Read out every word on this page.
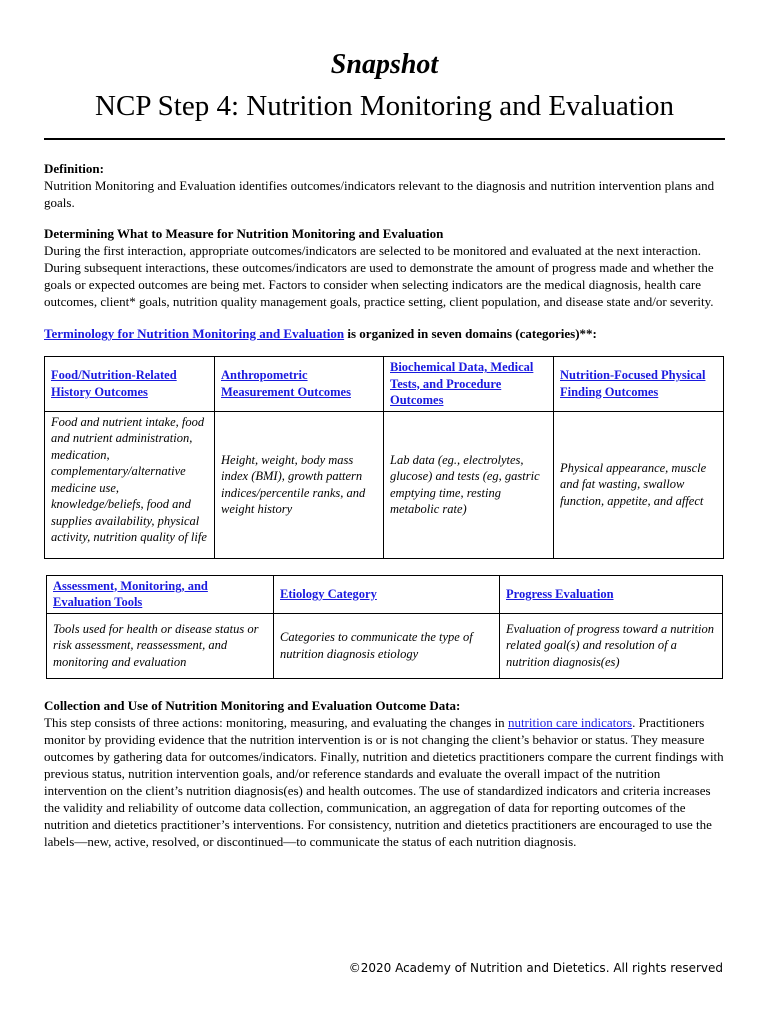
Snapshot
NCP Step 4: Nutrition Monitoring and Evaluation

Definition:

Nutrition Monitoring and Evaluation identifies outcomes/indicators relevant to the diagnosis and nutrition intervention plans and goals.

Determining What to Measure for Nutrition Monitoring and Evaluation

During the first interaction, appropriate outcomes/indicators are selected to be monitored and evaluated at the next interaction. During subsequent interactions, these outcomes/indicators are used to demonstrate the amount of progress made and whether the goals or expected outcomes are being met. Factors to consider when selecting indicators are the medical diagnosis, health care outcomes, client* goals, nutrition quality management goals, practice setting, client population, and disease state and/or severity.

Terminology for Nutrition Monitoring and Evaluation is organized in seven domains (categories)**:

Food/Nutrition-Related History Outcomes	Anthropometric Measurement Outcomes	Biochemical Data, Medical Tests, and Procedure Outcomes	Nutrition-Focused Physical Finding Outcomes
Food and nutrient intake, food and nutrient administration, medication, complementary/alternative medicine use, knowledge/beliefs, food and supplies availability, physical activity, nutrition quality of life	Height, weight, body mass index (BMI), growth pattern indices/percentile ranks, and weight history	Lab data (eg., electrolytes, glucose) and tests (eg, gastric emptying time, resting metabolic rate)	Physical appearance, muscle and fat wasting, swallow function, appetite, and affect
Assessment, Monitoring, and Evaluation Tools	Etiology Category	Progress Evaluation
Tools used for health or disease status or risk assessment, reassessment, and monitoring and evaluation	Categories to communicate the type of nutrition diagnosis etiology	Evaluation of progress toward a nutrition related goal(s) and resolution of a nutrition diagnosis(es)

Collection and Use of Nutrition Monitoring and Evaluation Outcome Data:

This step consists of three actions: monitoring, measuring, and evaluating the changes in nutrition care indicators. Practitioners monitor by providing evidence that the nutrition intervention is or is not changing the client’s behavior or status. They measure outcomes by gathering data for outcomes/indicators. Finally, nutrition and dietetics practitioners compare the current findings with previous status, nutrition intervention goals, and/or reference standards and evaluate the overall impact of the nutrition intervention on the client’s nutrition diagnosis(es) and health outcomes. The use of standardized indicators and criteria increases the validity and reliability of outcome data collection, communication, an aggregation of data for reporting outcomes of the nutrition and dietetics practitioner’s interventions. For consistency, nutrition and dietetics practitioners are encouraged to use the labels—new, active, resolved, or discontinued—to communicate the status of each nutrition diagnosis.

©2020 Academy of Nutrition and Dietetics. All rights reserved
